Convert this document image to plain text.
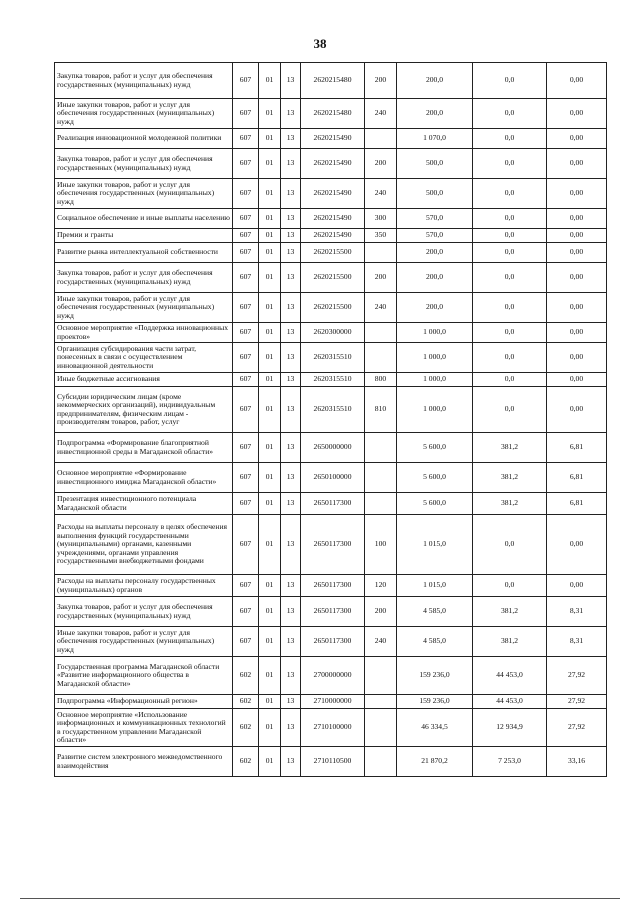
38
Закупка товаров, работ и услуг для обеспечения государственных (муниципальных) нужд	607	01	13	2620215480	200	200,0	0,0	0,00
Иные закупки товаров, работ и услуг для обеспечения государственных (муниципальных) нужд	607	01	13	2620215480	240	200,0	0,0	0,00
Реализация инновационной молодежной политики	607	01	13	2620215490		1 070,0	0,0	0,00
Закупка товаров, работ и услуг для обеспечения государственных (муниципальных) нужд	607	01	13	2620215490	200	500,0	0,0	0,00
Иные закупки товаров, работ и услуг для обеспечения государственных (муниципальных) нужд	607	01	13	2620215490	240	500,0	0,0	0,00
Социальное обеспечение и иные выплаты населению	607	01	13	2620215490	300	570,0	0,0	0,00
Премии и гранты	607	01	13	2620215490	350	570,0	0,0	0,00
Развитие рынка интеллектуальной собственности	607	01	13	2620215500		200,0	0,0	0,00
Закупка товаров, работ и услуг для обеспечения государственных (муниципальных) нужд	607	01	13	2620215500	200	200,0	0,0	0,00
Иные закупки товаров, работ и услуг для обеспечения государственных (муниципальных) нужд	607	01	13	2620215500	240	200,0	0,0	0,00
Основное мероприятие «Поддержка инновационных проектов»	607	01	13	2620300000		1 000,0	0,0	0,00
Организация субсидирования части затрат, понесенных в связи с осуществлением инновационной деятельности	607	01	13	2620315510		1 000,0	0,0	0,00
Иные бюджетные ассигнования	607	01	13	2620315510	800	1 000,0	0,0	0,00
Субсидии юридическим лицам (кроме некоммерческих организаций), индивидуальным предпринимателям, физическим лицам - производителям товаров, работ, услуг	607	01	13	2620315510	810	1 000,0	0,0	0,00
Подпрограмма «Формирование благоприятной инвестиционной среды в Магаданской области»	607	01	13	2650000000		5 600,0	381,2	6,81
Основное мероприятие «Формирование инвестиционного имиджа Магаданской области»	607	01	13	2650100000		5 600,0	381,2	6,81
Презентация инвестиционного потенциала Магаданской области	607	01	13	2650117300		5 600,0	381,2	6,81
Расходы на выплаты персоналу в целях обеспечения выполнения функций государственными (муниципальными) органами, казенными учреждениями, органами управления государственными внебюджетными фондами	607	01	13	2650117300	100	1 015,0	0,0	0,00
Расходы на выплаты персоналу государственных (муниципальных) органов	607	01	13	2650117300	120	1 015,0	0,0	0,00
Закупка товаров, работ и услуг для обеспечения государственных (муниципальных) нужд	607	01	13	2650117300	200	4 585,0	381,2	8,31
Иные закупки товаров, работ и услуг для обеспечения государственных (муниципальных) нужд	607	01	13	2650117300	240	4 585,0	381,2	8,31
Государственная программа Магаданской области «Развитие информационного общества в Магаданской области»	602	01	13	2700000000		159 236,0	44 453,0	27,92
Подпрограмма «Информационный регион»	602	01	13	2710000000		159 236,0	44 453,0	27,92
Основное мероприятие «Использование информационных и коммуникационных технологий в государственном управлении Магаданской области»	602	01	13	2710100000		46 334,5	12 934,9	27,92
Развитие систем электронного межведомственного взаимодействия	602	01	13	2710110500		21 870,2	7 253,0	33,16
